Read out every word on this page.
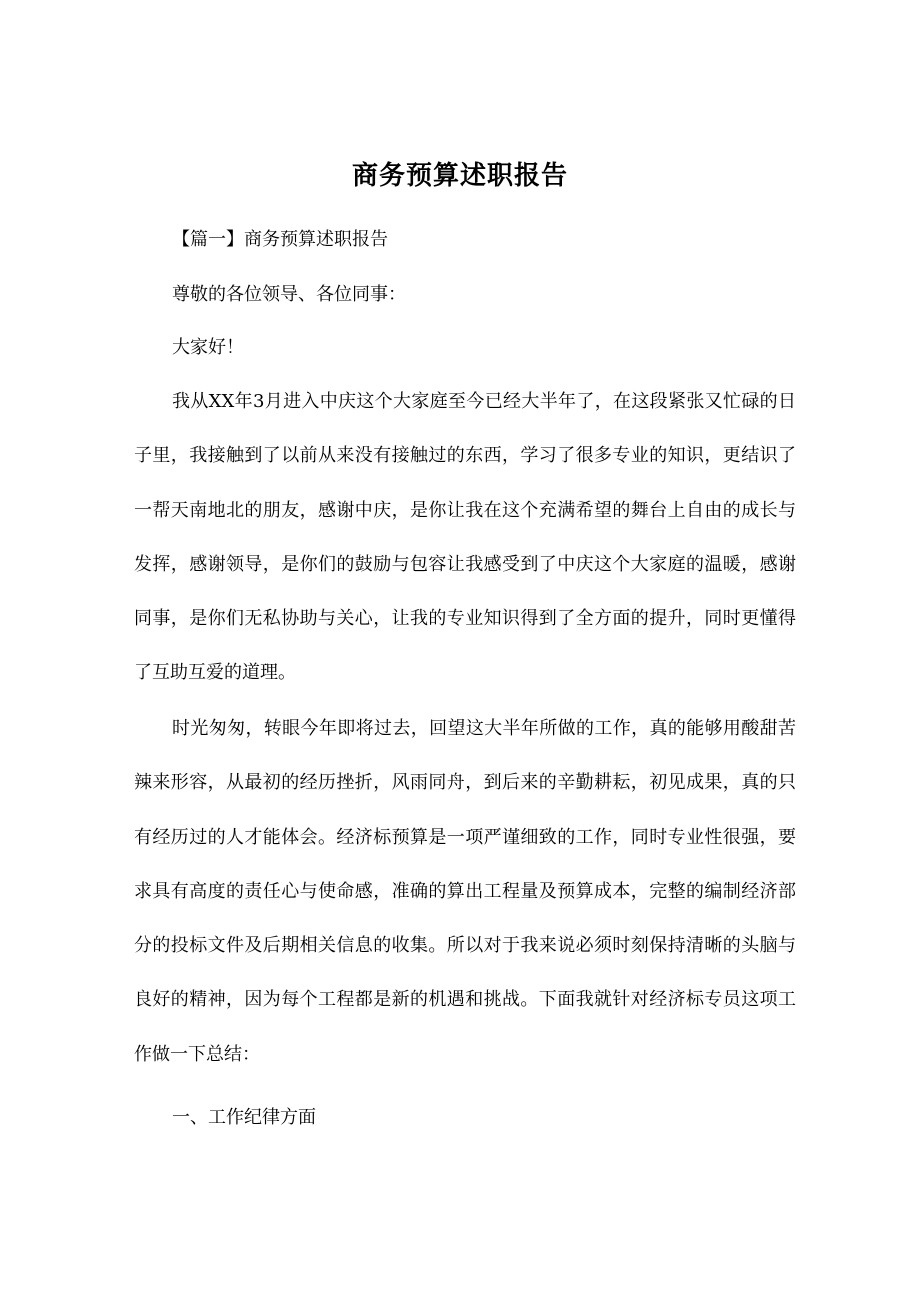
商务预算述职报告
【篇一】商务预算述职报告
尊敬的各位领导、各位同事：
大家好！

我从XX年3月进入中庆这个大家庭至今已经大半年了，在这段紧张又忙碌的日子里，我接触到了以前从来没有接触过的东西，学习了很多专业的知识，更结识了一帮天南地北的朋友，感谢中庆，是你让我在这个充满希望的舞台上自由的成长与发挥，感谢领导，是你们的鼓励与包容让我感受到了中庆这个大家庭的温暖，感谢同事，是你们无私协助与关心，让我的专业知识得到了全方面的提升，同时更懂得了互助互爱的道理。

时光匆匆，转眼今年即将过去，回望这大半年所做的工作，真的能够用酸甜苦辣来形容，从最初的经历挫折，风雨同舟，到后来的辛勤耕耘，初见成果，真的只有经历过的人才能体会。经济标预算是一项严谨细致的工作，同时专业性很强，要求具有高度的责任心与使命感，准确的算出工程量及预算成本，完整的编制经济部分的投标文件及后期相关信息的收集。所以对于我来说必须时刻保持清晰的头脑与良好的精神，因为每个工程都是新的机遇和挑战。下面我就针对经济标专员这项工作做一下总结：

一、工作纪律方面
